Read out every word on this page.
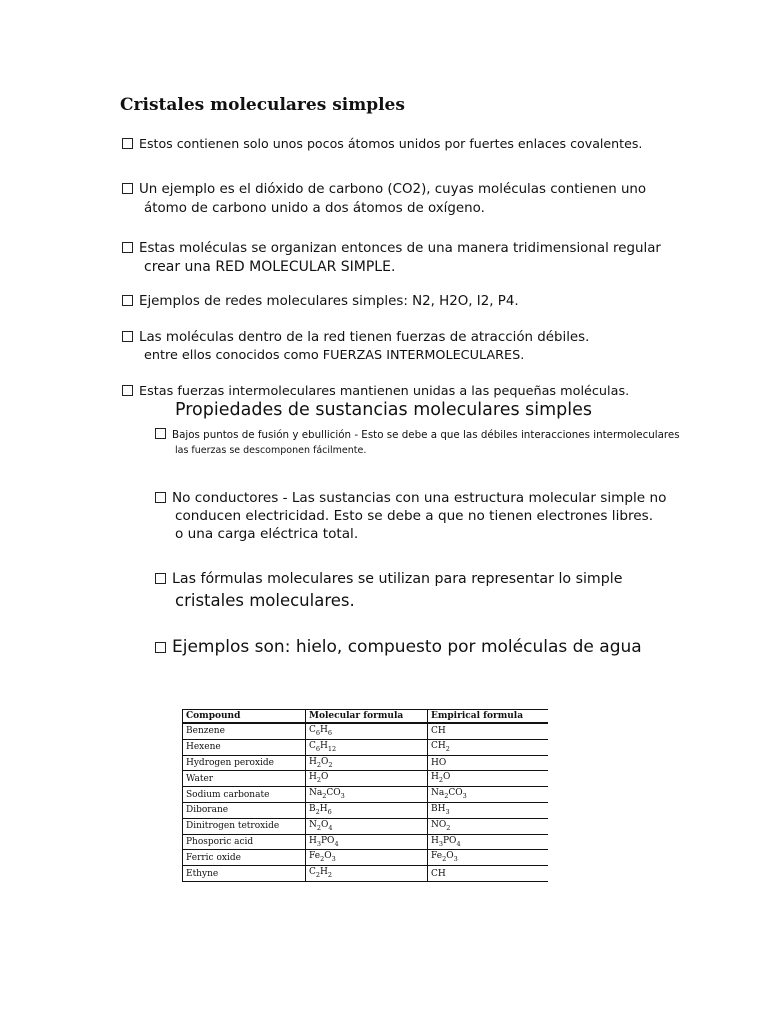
Cristales moleculares simples
Estos contienen solo unos pocos átomos unidos por fuertes enlaces covalentes.
Un ejemplo es el dióxido de carbono (CO2), cuyas moléculas contienen uno
átomo de carbono unido a dos átomos de oxígeno.
Estas moléculas se organizan entonces de una manera tridimensional regular
crear una RED MOLECULAR SIMPLE.
Ejemplos de redes moleculares simples: N2, H2O, I2, P4.
Las moléculas dentro de la red tienen fuerzas de atracción débiles.
entre ellos conocidos como FUERZAS INTERMOLECULARES.
Estas fuerzas intermoleculares mantienen unidas a las pequeñas moléculas.
Propiedades de sustancias moleculares simples
Bajos puntos de fusión y ebullición - Esto se debe a que las débiles interacciones intermoleculares
las fuerzas se descomponen fácilmente.
No conductores - Las sustancias con una estructura molecular simple no
conducen electricidad. Esto se debe a que no tienen electrones libres.
o una carga eléctrica total.
Las fórmulas moleculares se utilizan para representar lo simple
cristales moleculares.
Ejemplos son: hielo, compuesto por moléculas de agua
Compound	Molecular formula	Empirical formula
Benzene	$C_6H_6$	CH
Hexene	$C_6H_{12}$	$CH_2$
Hydrogen peroxide	$H_2O_2$	HO
Water	$H_2O$	$H_2O$
Sodium carbonate	$Na_2CO_3$	$Na_2CO_3$
Diborane	$B_2H_6$	$BH_3$
Dinitrogen tetroxide	$N_2O_4$	$NO_2$
Phosporic acid	$H_3PO_4$	$H_3PO_4$
Ferric oxide	$Fe_2O_3$	$Fe_2O_3$
Ethyne	$C_2H_2$	CH
